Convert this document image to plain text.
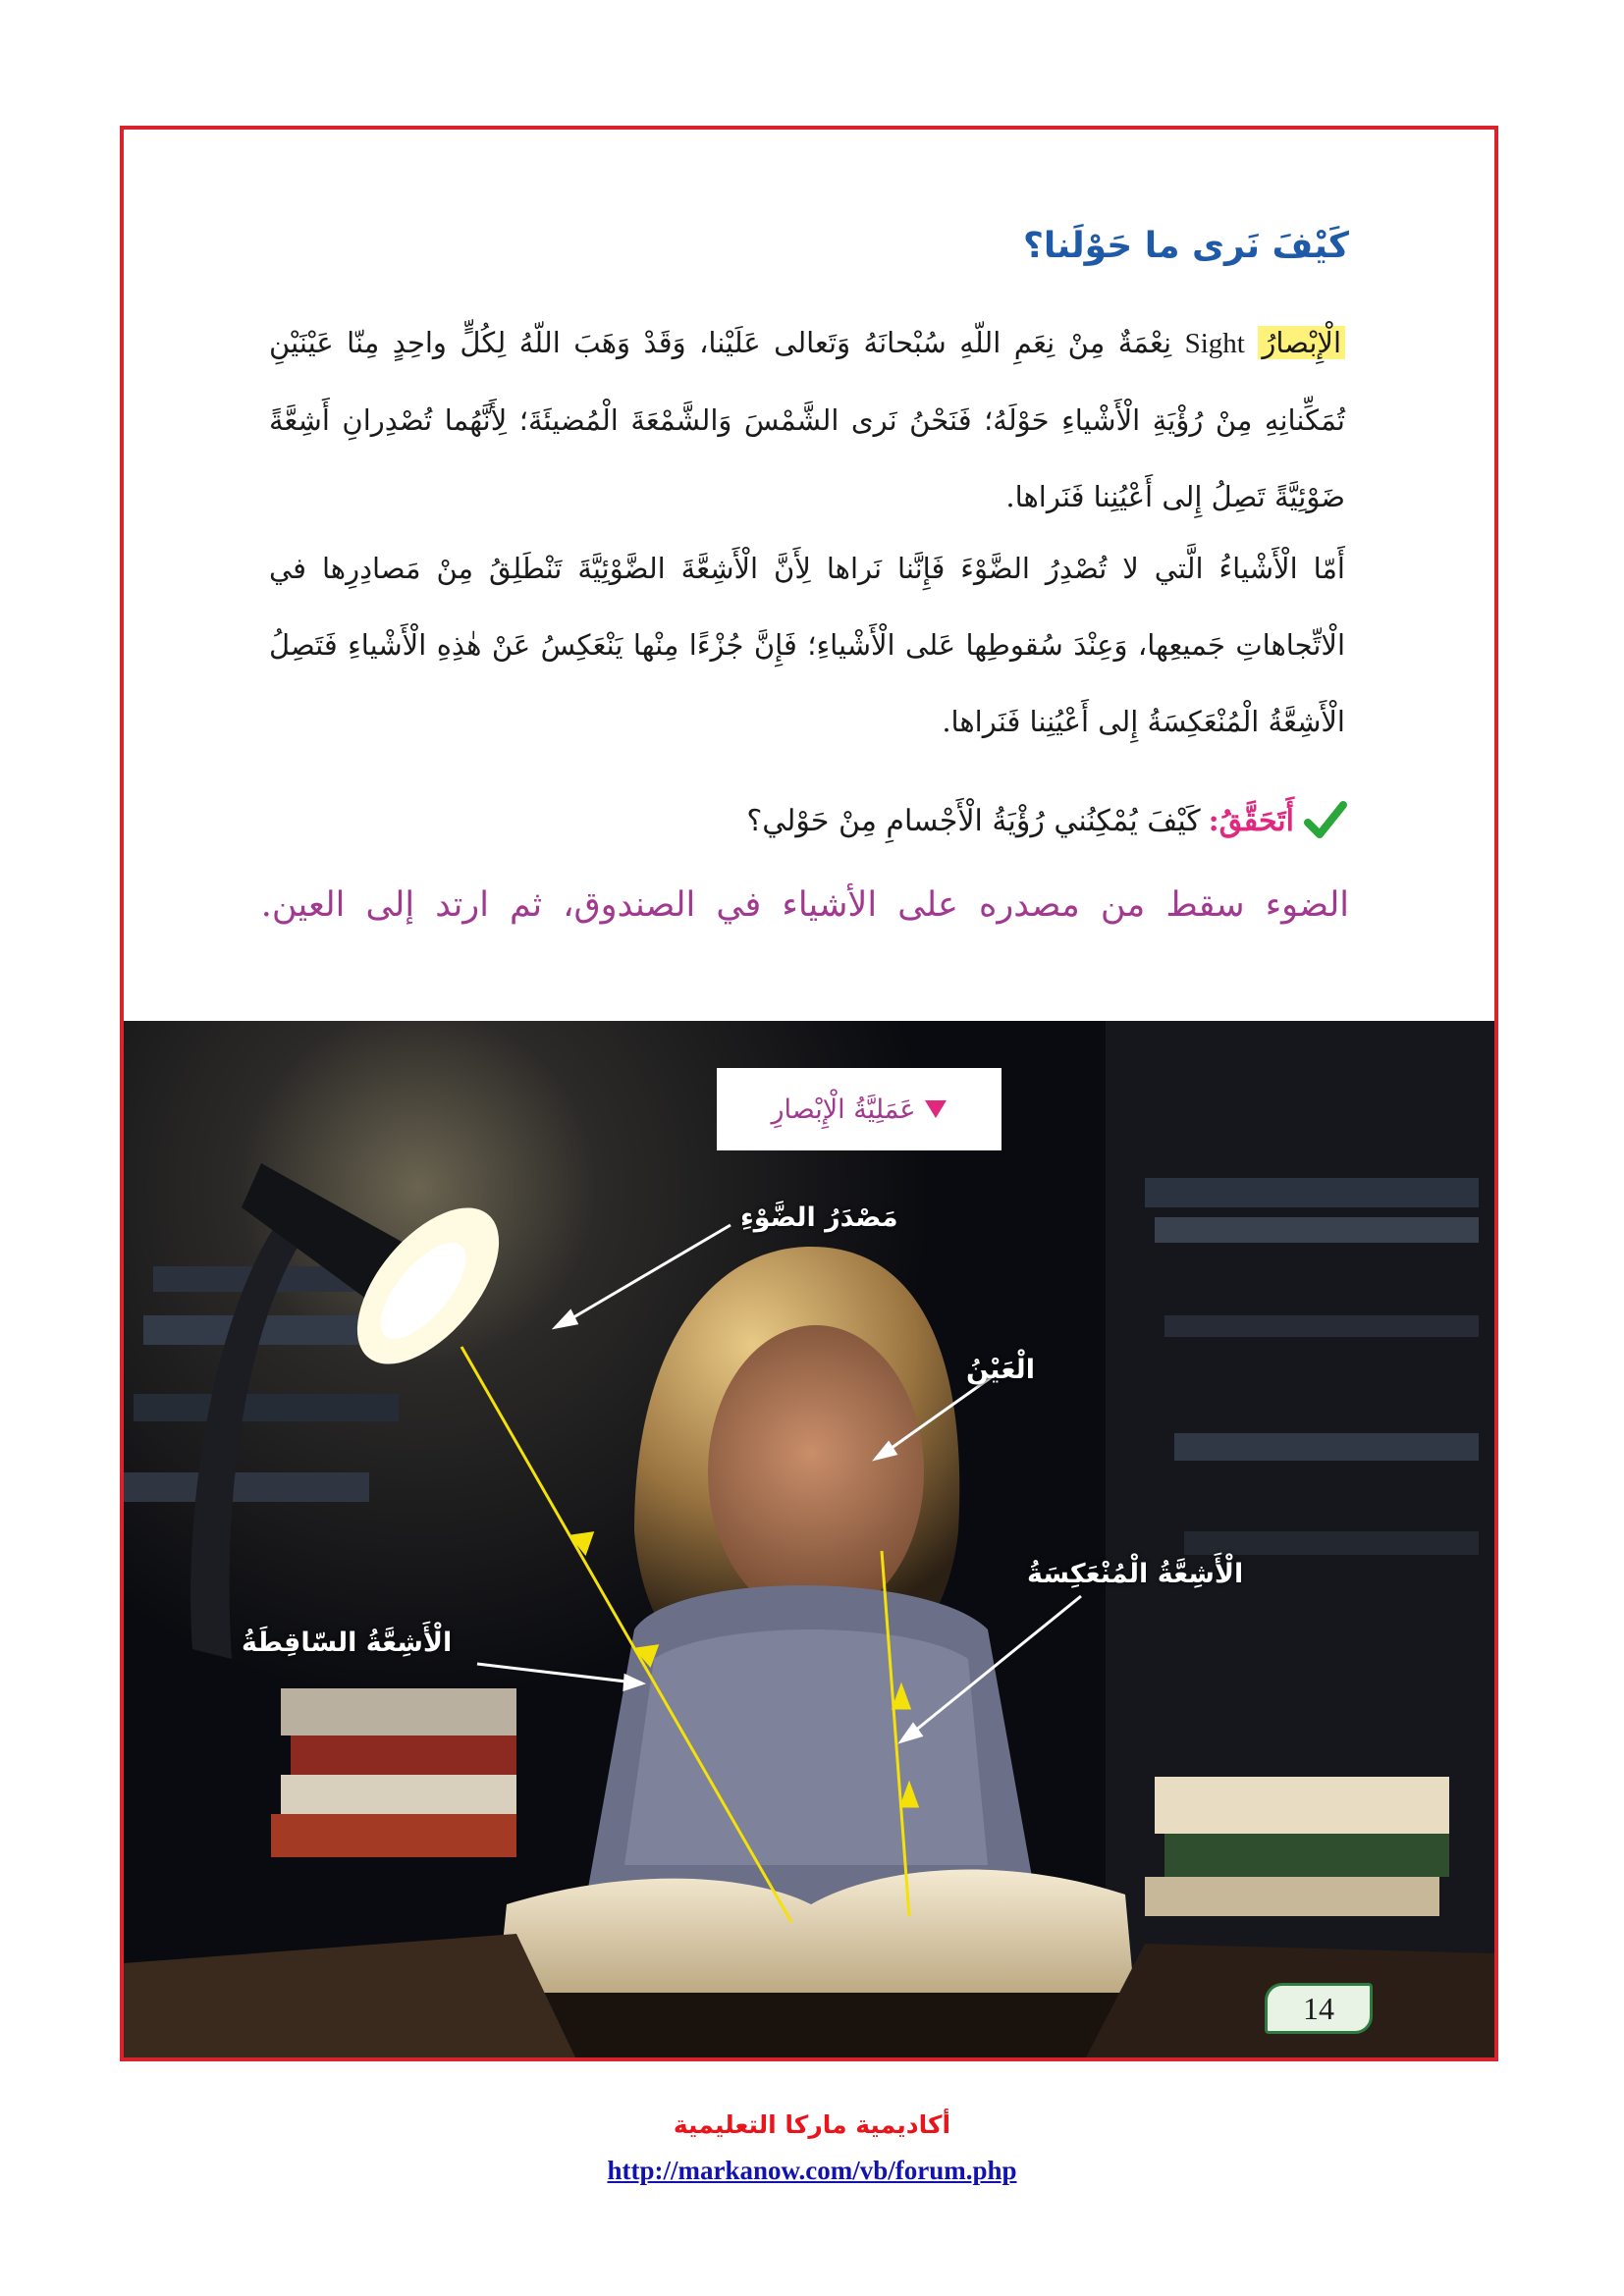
كَيْفَ نَرى ما حَوْلَنا؟

الْإِبْصارُ Sight نِعْمَةٌ مِنْ نِعَمِ اللّهِ سُبْحانَهُ وَتَعالى عَلَيْنا، وَقَدْ وَهَبَ اللّهُ لِكُلٍّ واحِدٍ مِنّا عَيْنَيْنِ تُمَكِّنانِهِ مِنْ رُؤْيَةِ الْأَشْياءِ حَوْلَهُ؛ فَنَحْنُ نَرى الشَّمْسَ وَالشَّمْعَةَ الْمُضيئَةَ؛ لِأَنَّهُما تُصْدِرانِ أَشِعَّةً ضَوْئِيَّةً تَصِلُ إِلى أَعْيُنِنا فَنَراها.

أَمّا الْأَشْياءُ الَّتي لا تُصْدِرُ الضَّوْءَ فَإِنَّنا نَراها لِأَنَّ الْأَشِعَّةَ الضَّوْئِيَّةَ تَنْطَلِقُ مِنْ مَصادِرِها في الْاتِّجاهاتِ جَميعِها، وَعِنْدَ سُقوطِها عَلى الْأَشْياءِ؛ فَإِنَّ جُزْءًا مِنْها يَنْعَكِسُ عَنْ هٰذِهِ الْأَشْياءِ فَتَصِلُ الْأَشِعَّةُ الْمُنْعَكِسَةُ إِلى أَعْيُنِنا فَنَراها.

أَتَحَقَّقُ:
كَيْفَ يُمْكِنُني رُؤْيَةُ الْأَجْسامِ مِنْ حَوْلي؟

الضوء سقط من مصدره على الأشياء في الصندوق، ثم ارتد إلى العين.

عَمَلِيَّةُ الْإِبْصارِ
مَصْدَرُ الضَّوْءِ
الْعَيْنُ
الْأَشِعَّةُ الْمُنْعَكِسَةُ
الْأَشِعَّةُ السّاقِطَةُ
14
أكاديمية ماركا التعليمية
http://markanow.com/vb/forum.php
